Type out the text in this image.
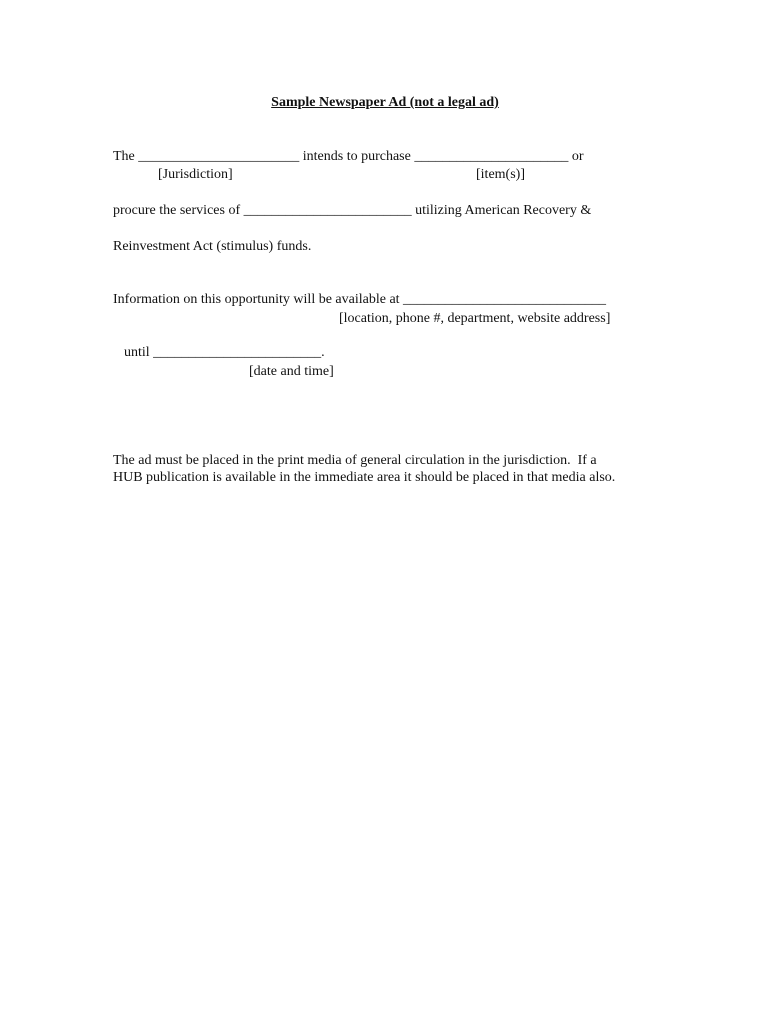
Sample Newspaper Ad (not a legal ad)
The _______________________ intends to purchase ______________________ or
[Jurisdiction]	[item(s)]
procure the services of ________________________ utilizing American Recovery &
Reinvestment Act (stimulus) funds.
Information on this opportunity will be available at _____________________________
[location, phone #, department, website address]
until ________________________.
[date and time]
The ad must be placed in the print media of general circulation in the jurisdiction.  If a
HUB publication is available in the immediate area it should be placed in that media also.
